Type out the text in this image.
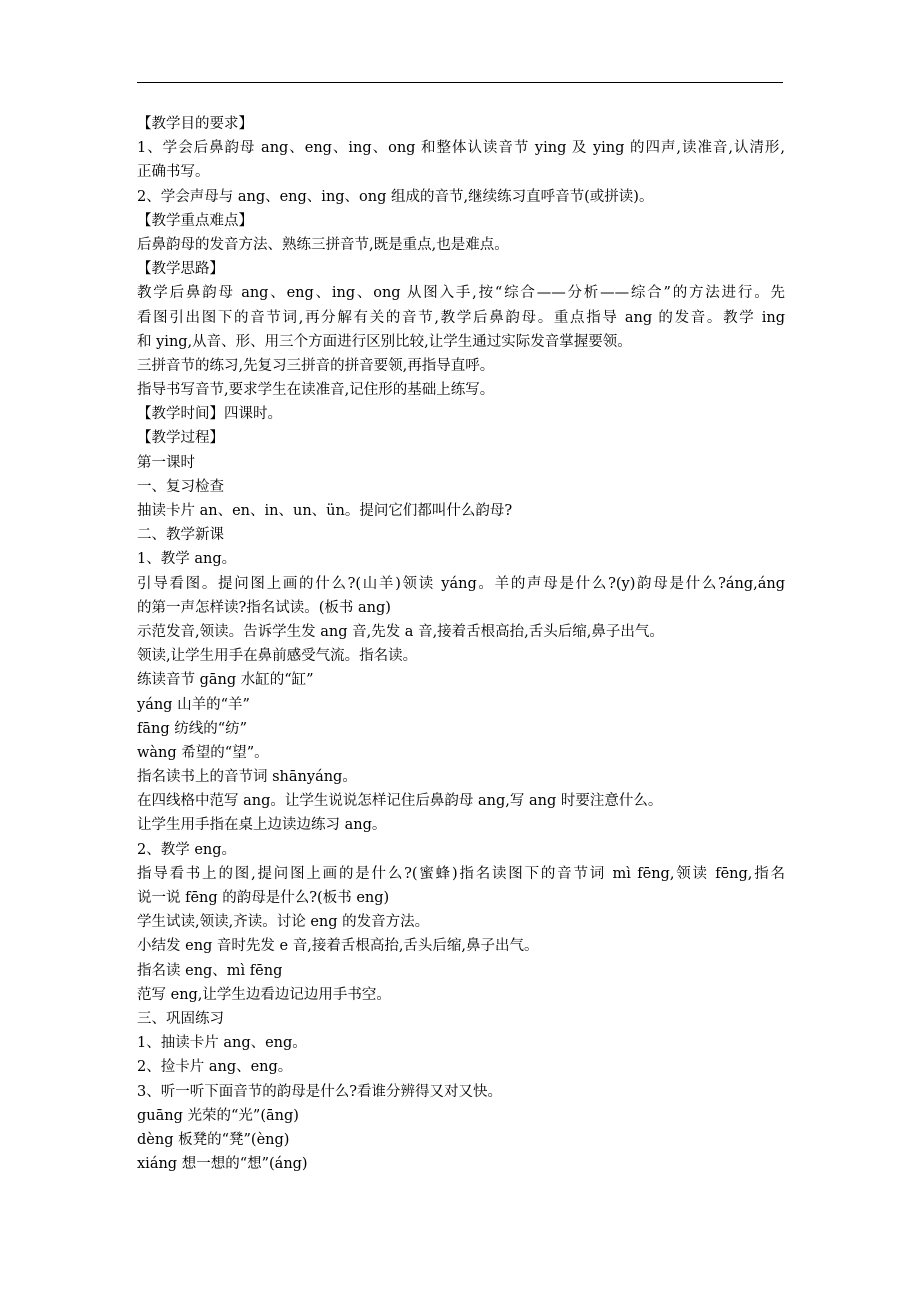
【教学目的要求】
1、学会后鼻韵母 ang、eng、ing、ong 和整体认读音节 ying 及 ying 的四声,读准音,认清形,
正确书写。
2、学会声母与 ang、eng、ing、ong 组成的音节,继续练习直呼音节(或拼读)。
【教学重点难点】
后鼻韵母的发音方法、熟练三拼音节,既是重点,也是难点。
【教学思路】
教学后鼻韵母 ang、eng、ing、ong 从图入手,按“综合——分析——综合”的方法进行。先
看图引出图下的音节词,再分解有关的音节,教学后鼻韵母。重点指导 ang 的发音。教学 ing
和 ying,从音、形、用三个方面进行区别比较,让学生通过实际发音掌握要领。
三拼音节的练习,先复习三拼音的拼音要领,再指导直呼。
指导书写音节,要求学生在读准音,记住形的基础上练写。
【教学时间】四课时。
【教学过程】
第一课时
一、复习检查
抽读卡片 an、en、in、un、ün。提问它们都叫什么韵母?
二、教学新课
1、教学 ang。
引导看图。提问图上画的什么?(山羊)领读 yáng。羊的声母是什么?(y)韵母是什么?áng,áng
的第一声怎样读?指名试读。(板书 ang)
示范发音,领读。告诉学生发 ang 音,先发 a 音,接着舌根高抬,舌头后缩,鼻子出气。
领读,让学生用手在鼻前感受气流。指名读。
练读音节 gāng 水缸的“缸”
yáng 山羊的“羊”
fāng 纺线的“纺”
wàng 希望的“望”。
指名读书上的音节词 shānyáng。
在四线格中范写 ang。让学生说说怎样记住后鼻韵母 ang,写 ang 时要注意什么。
让学生用手指在桌上边读边练习 ang。
2、教学 eng。
指导看书上的图,提问图上画的是什么?(蜜蜂)指名读图下的音节词 mì fēng,领读 fēng,指名
说一说 fēng 的韵母是什么?(板书 eng)
学生试读,领读,齐读。讨论 eng 的发音方法。
小结发 eng 音时先发 e 音,接着舌根高抬,舌头后缩,鼻子出气。
指名读 eng、mì fēng
范写 eng,让学生边看边记边用手书空。
三、巩固练习
1、抽读卡片 ang、eng。
2、捡卡片 ang、eng。
3、听一听下面音节的韵母是什么?看谁分辨得又对又快。
guāng 光荣的“光”(āng)
dèng 板凳的“凳”(èng)
xiáng 想一想的“想”(áng)
